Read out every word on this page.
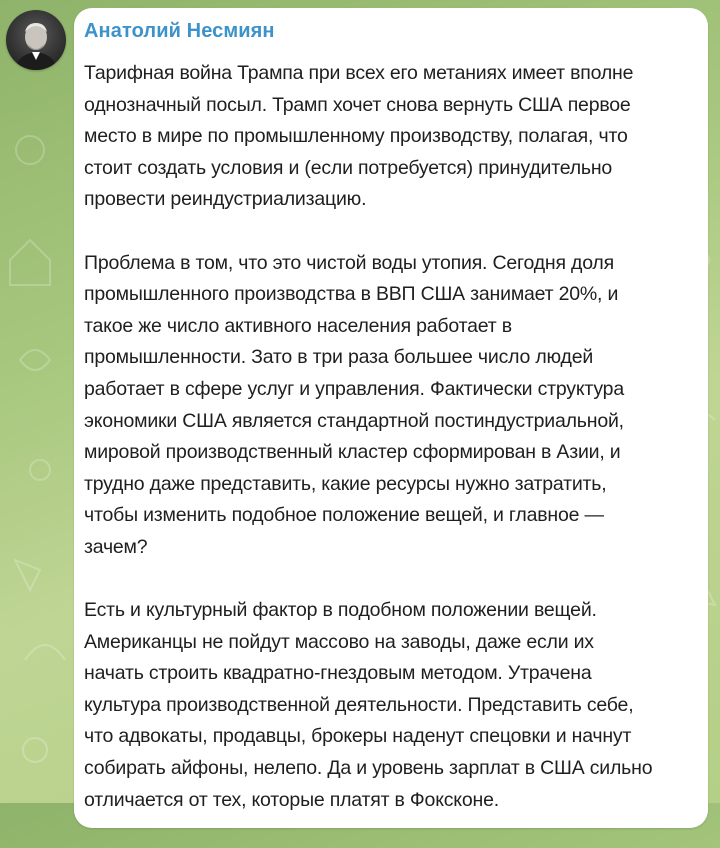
Анатолий Несмиян

Тарифная война Трампа при всех его метаниях имеет вполне
однозначный посыл. Трамп хочет снова вернуть США первое
место в мире по промышленному производству, полагая, что
стоит создать условия и (если потребуется) принудительно
провести реиндустриализацию.

Проблема в том, что это чистой воды утопия. Сегодня доля
промышленного производства в ВВП США занимает 20%, и
такое же число активного населения работает в
промышленности. Зато в три раза большее число людей
работает в сфере услуг и управления. Фактически структура
экономики США является стандартной постиндустриальной,
мировой производственный кластер сформирован в Азии, и
трудно даже представить, какие ресурсы нужно затратить,
чтобы изменить подобное положение вещей, и главное —
зачем?

Есть и культурный фактор в подобном положении вещей.
Американцы не пойдут массово на заводы, даже если их
начать строить квадратно-гнездовым методом. Утрачена
культура производственной деятельности. Представить себе,
что адвокаты, продавцы, брокеры наденут спецовки и начнут
собирать айфоны, нелепо. Да и уровень зарплат в США сильно
отличается от тех, которые платят в Фоксконе.
